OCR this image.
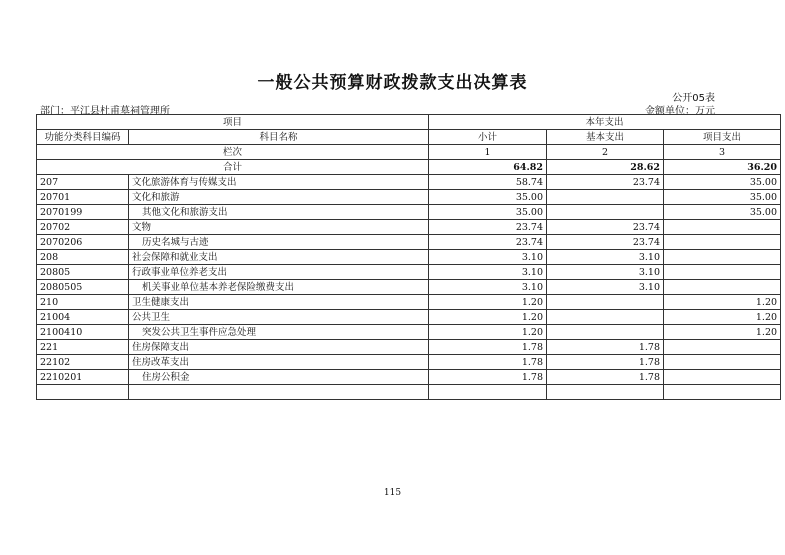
一般公共预算财政拨款支出决算表
公开05表
部门：平江县杜甫墓祠管理所	金额单位：万元
项目		本年支出		
功能分类科目编码	科目名称	小计	基本支出	项目支出
栏次		1	2	3
合计		64.82	28.62	36.20
207	文化旅游体育与传媒支出	58.74	23.74	35.00
20701	文化和旅游	35.00		35.00
2070199	其他文化和旅游支出	35.00		35.00
20702	文物	23.74	23.74	
2070206	历史名城与古迹	23.74	23.74	
208	社会保障和就业支出	3.10	3.10	
20805	行政事业单位养老支出	3.10	3.10	
2080505	机关事业单位基本养老保险缴费支出	3.10	3.10	
210	卫生健康支出	1.20		1.20
21004	公共卫生	1.20		1.20
2100410	突发公共卫生事件应急处理	1.20		1.20
221	住房保障支出	1.78	1.78	
22102	住房改革支出	1.78	1.78	
2210201	住房公积金	1.78	1.78	

115
